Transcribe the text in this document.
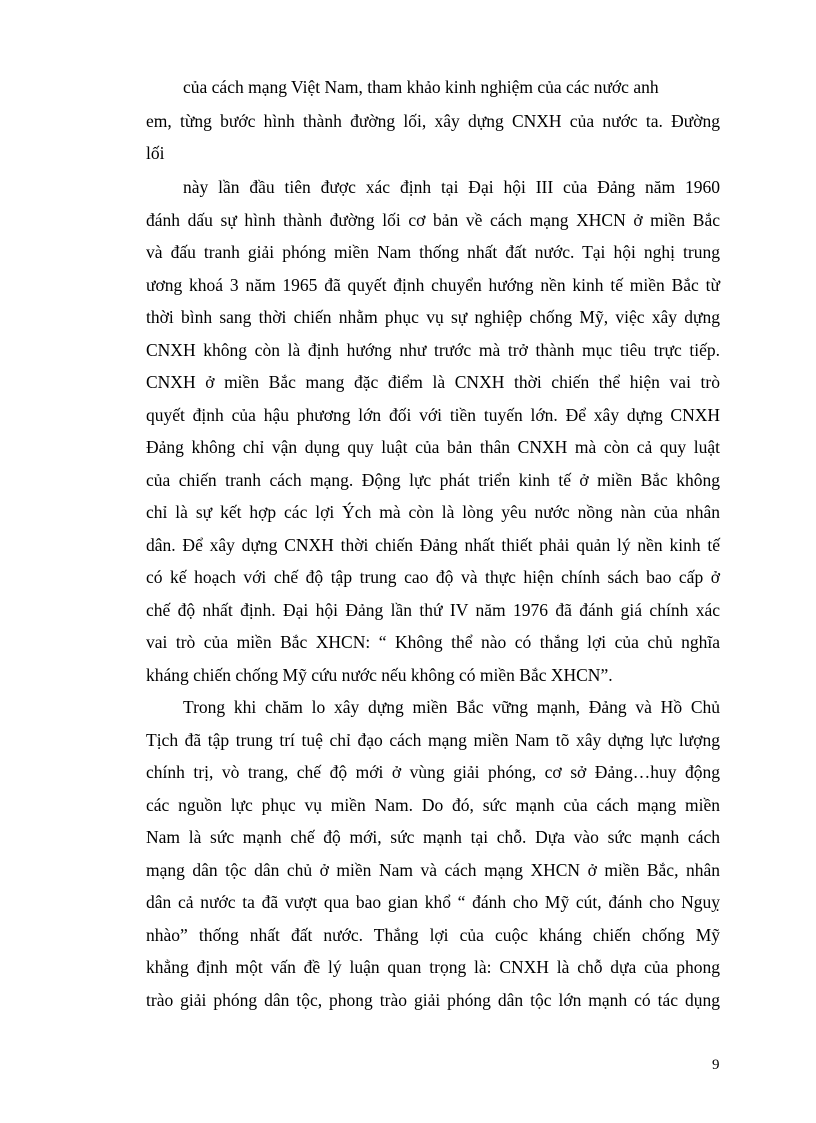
của cách mạng Việt Nam, tham khảo kinh nghiệm của các nước anh
em, từng bước hình thành đường lối, xây dựng CNXH của nước ta. Đường
lối
này lần đầu tiên được xác định tại Đại hội III của Đảng năm 1960
đánh dấu sự hình thành đường lối cơ bản về cách mạng XHCN ở miền Bắc
và đấu tranh giải phóng miền Nam thống nhất đất nước. Tại hội nghị trung
ương khoá 3 năm 1965 đã quyết định chuyển hướng nền kinh tế miền Bắc từ
thời bình sang thời chiến nhằm phục vụ sự nghiệp chống Mỹ, việc xây dựng
CNXH không còn là định hướng như trước mà trở thành mục tiêu trực tiếp.
CNXH ở miền Bắc mang đặc điểm là CNXH thời chiến thể hiện vai trò
quyết định của hậu phương lớn đối với tiền tuyến lớn. Để xây dựng CNXH
Đảng không chỉ vận dụng quy luật của bản thân CNXH mà còn cả quy luật
của chiến tranh cách mạng. Động lực phát triển kinh tế ở miền Bắc không
chỉ là sự kết hợp các lợi Ých mà còn là lòng yêu nước nồng nàn của nhân
dân. Để xây dựng CNXH thời chiến Đảng nhất thiết phải quản lý nền kinh tế
có kế hoạch với chế độ tập trung cao độ và thực hiện chính sách bao cấp ở
chế độ nhất định. Đại hội Đảng lần thứ IV năm 1976 đã đánh giá chính xác
vai trò của miền Bắc XHCN: “ Không thể nào có thắng lợi của chủ nghĩa
kháng chiến chống Mỹ cứu nước nếu không có miền Bắc XHCN”.
Trong khi chăm lo xây dựng miền Bắc vững mạnh, Đảng và Hồ Chủ
Tịch đã tập trung trí tuệ chỉ đạo cách mạng miền Nam tõ xây dựng lực lượng
chính trị, vò trang, chế độ mới ở vùng giải phóng, cơ sở Đảng…huy động
các nguồn lực phục vụ miền Nam. Do đó, sức mạnh của cách mạng miền
Nam là sức mạnh chế độ mới, sức mạnh tại chỗ. Dựa vào sức mạnh cách
mạng dân tộc dân chủ ở miền Nam và cách mạng XHCN ở miền Bắc, nhân
dân cả nước ta đã vượt qua bao gian khổ “ đánh cho Mỹ cút, đánh cho Nguỵ
nhào” thống nhất đất nước. Thắng lợi của cuộc kháng chiến chống Mỹ
khẳng định một vấn đề lý luận quan trọng là: CNXH là chỗ dựa của phong
trào giải phóng dân tộc, phong trào giải phóng dân tộc lớn mạnh có tác dụng
9
